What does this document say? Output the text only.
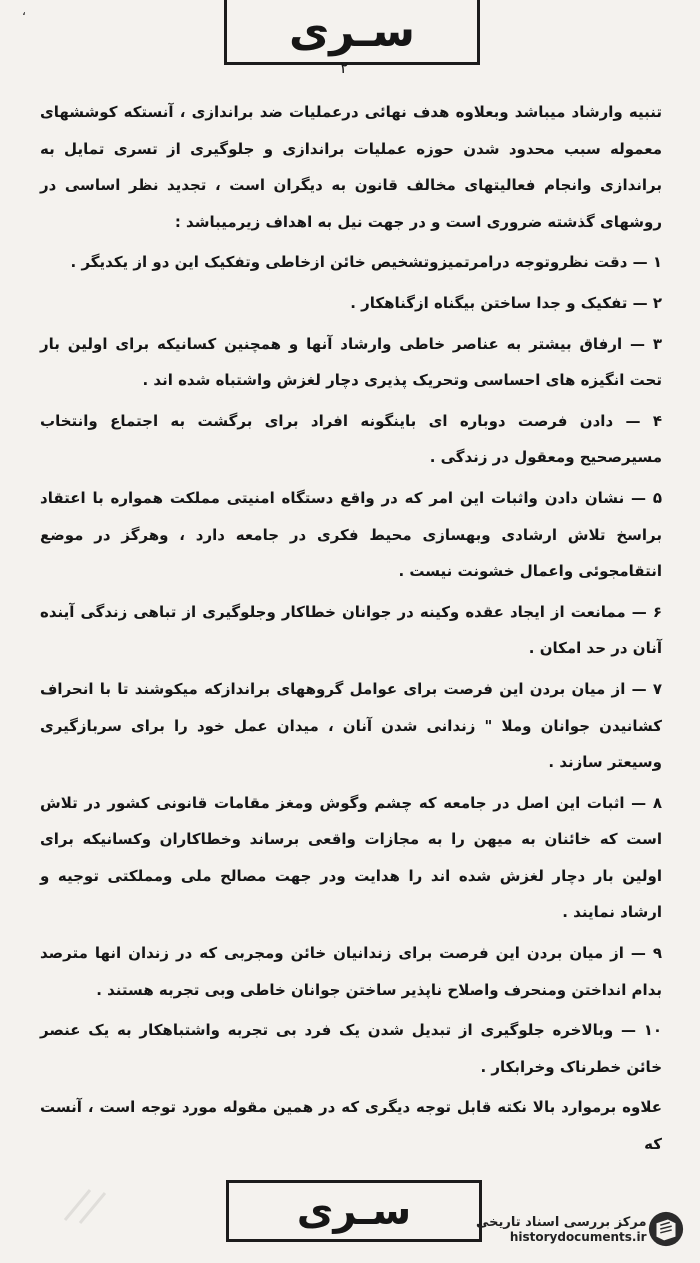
،	سـری
۲

تنبیه وارشاد میباشد وبعلاوه هدف نهائی درعملیات ضد براندازی ، آنستکه کوششهای معموله سبب محدود شدن حوزه عملیات براندازی و جلوگیری از تسری تمایل به براندازی وانجام فعالیتهای مخالف قانون به دیگران است ، تجدید نظر اساسی در روشهای گذشته ضروری است و در جهت نیل به اهداف زیرمیباشد :

۱ — دقت نظروتوجه درامرتمیزوتشخیص خائن ازخاطی وتفکیک این دو از یکدیگر .

۲ — تفکیک و جدا ساختن بیگناه ازگناهکار .

۳ — ارفاق بیشتر به عناصر خاطی وارشاد آنها و همچنین کسانیکه برای اولین بار تحت انگیزه های احساسی وتحریک پذیری دچار لغزش واشتباه شده اند .

۴ — دادن فرصت دوباره ای باینگونه افراد برای برگشت به اجتماع وانتخاب مسیرصحیح ومعقول در زندگی .

۵ — نشان دادن واثبات این امر که در واقع دستگاه امنیتی مملکت همواره با اعتقاد براسخ تلاش ارشادی وبهسازی محیط فکری در جامعه دارد ، وهرگز در موضع انتقامجوئی واعمال خشونت نیست .

۶ — ممانعت از ایجاد عقده وکینه در جوانان خطاکار وجلوگیری از تباهی زندگی آینده آنان در حد امکان .

۷ — از میان بردن این فرصت برای عوامل گروههای براندازکه میکوشند تا با انحراف کشانیدن جوانان وملا " زندانی شدن آنان ، میدان عمل خود را برای سربازگیری وسیعتر سازند .

۸ — اثبات این اصل در جامعه که چشم وگوش ومغز مقامات قانونی کشور در تلاش است که خائنان به میهن را به مجازات واقعی برساند وخطاکاران وکسانیکه برای اولین بار دچار لغزش شده اند را هدایت ودر جهت مصالح ملی ومملکتی توجیه و ارشاد نمایند .

۹ — از میان بردن این فرصت برای زندانیان خائن ومجربی که در زندان انها مترصد بدام انداختن ومنحرف واصلاح ناپذیر ساختن جوانان خاطی وبی تجربه هستند .

۱۰ — وبالاخره جلوگیری از تبدیل شدن یک فرد بی تجربه واشتباهکار به یک عنصر خائن خطرناک وخرابکار .

علاوه برموارد بالا نکته قابل توجه دیگری که در همین مقوله مورد توجه است ، آنست که

سـری	مرکز بررسی اسناد تاریخی
historydocuments.ir
